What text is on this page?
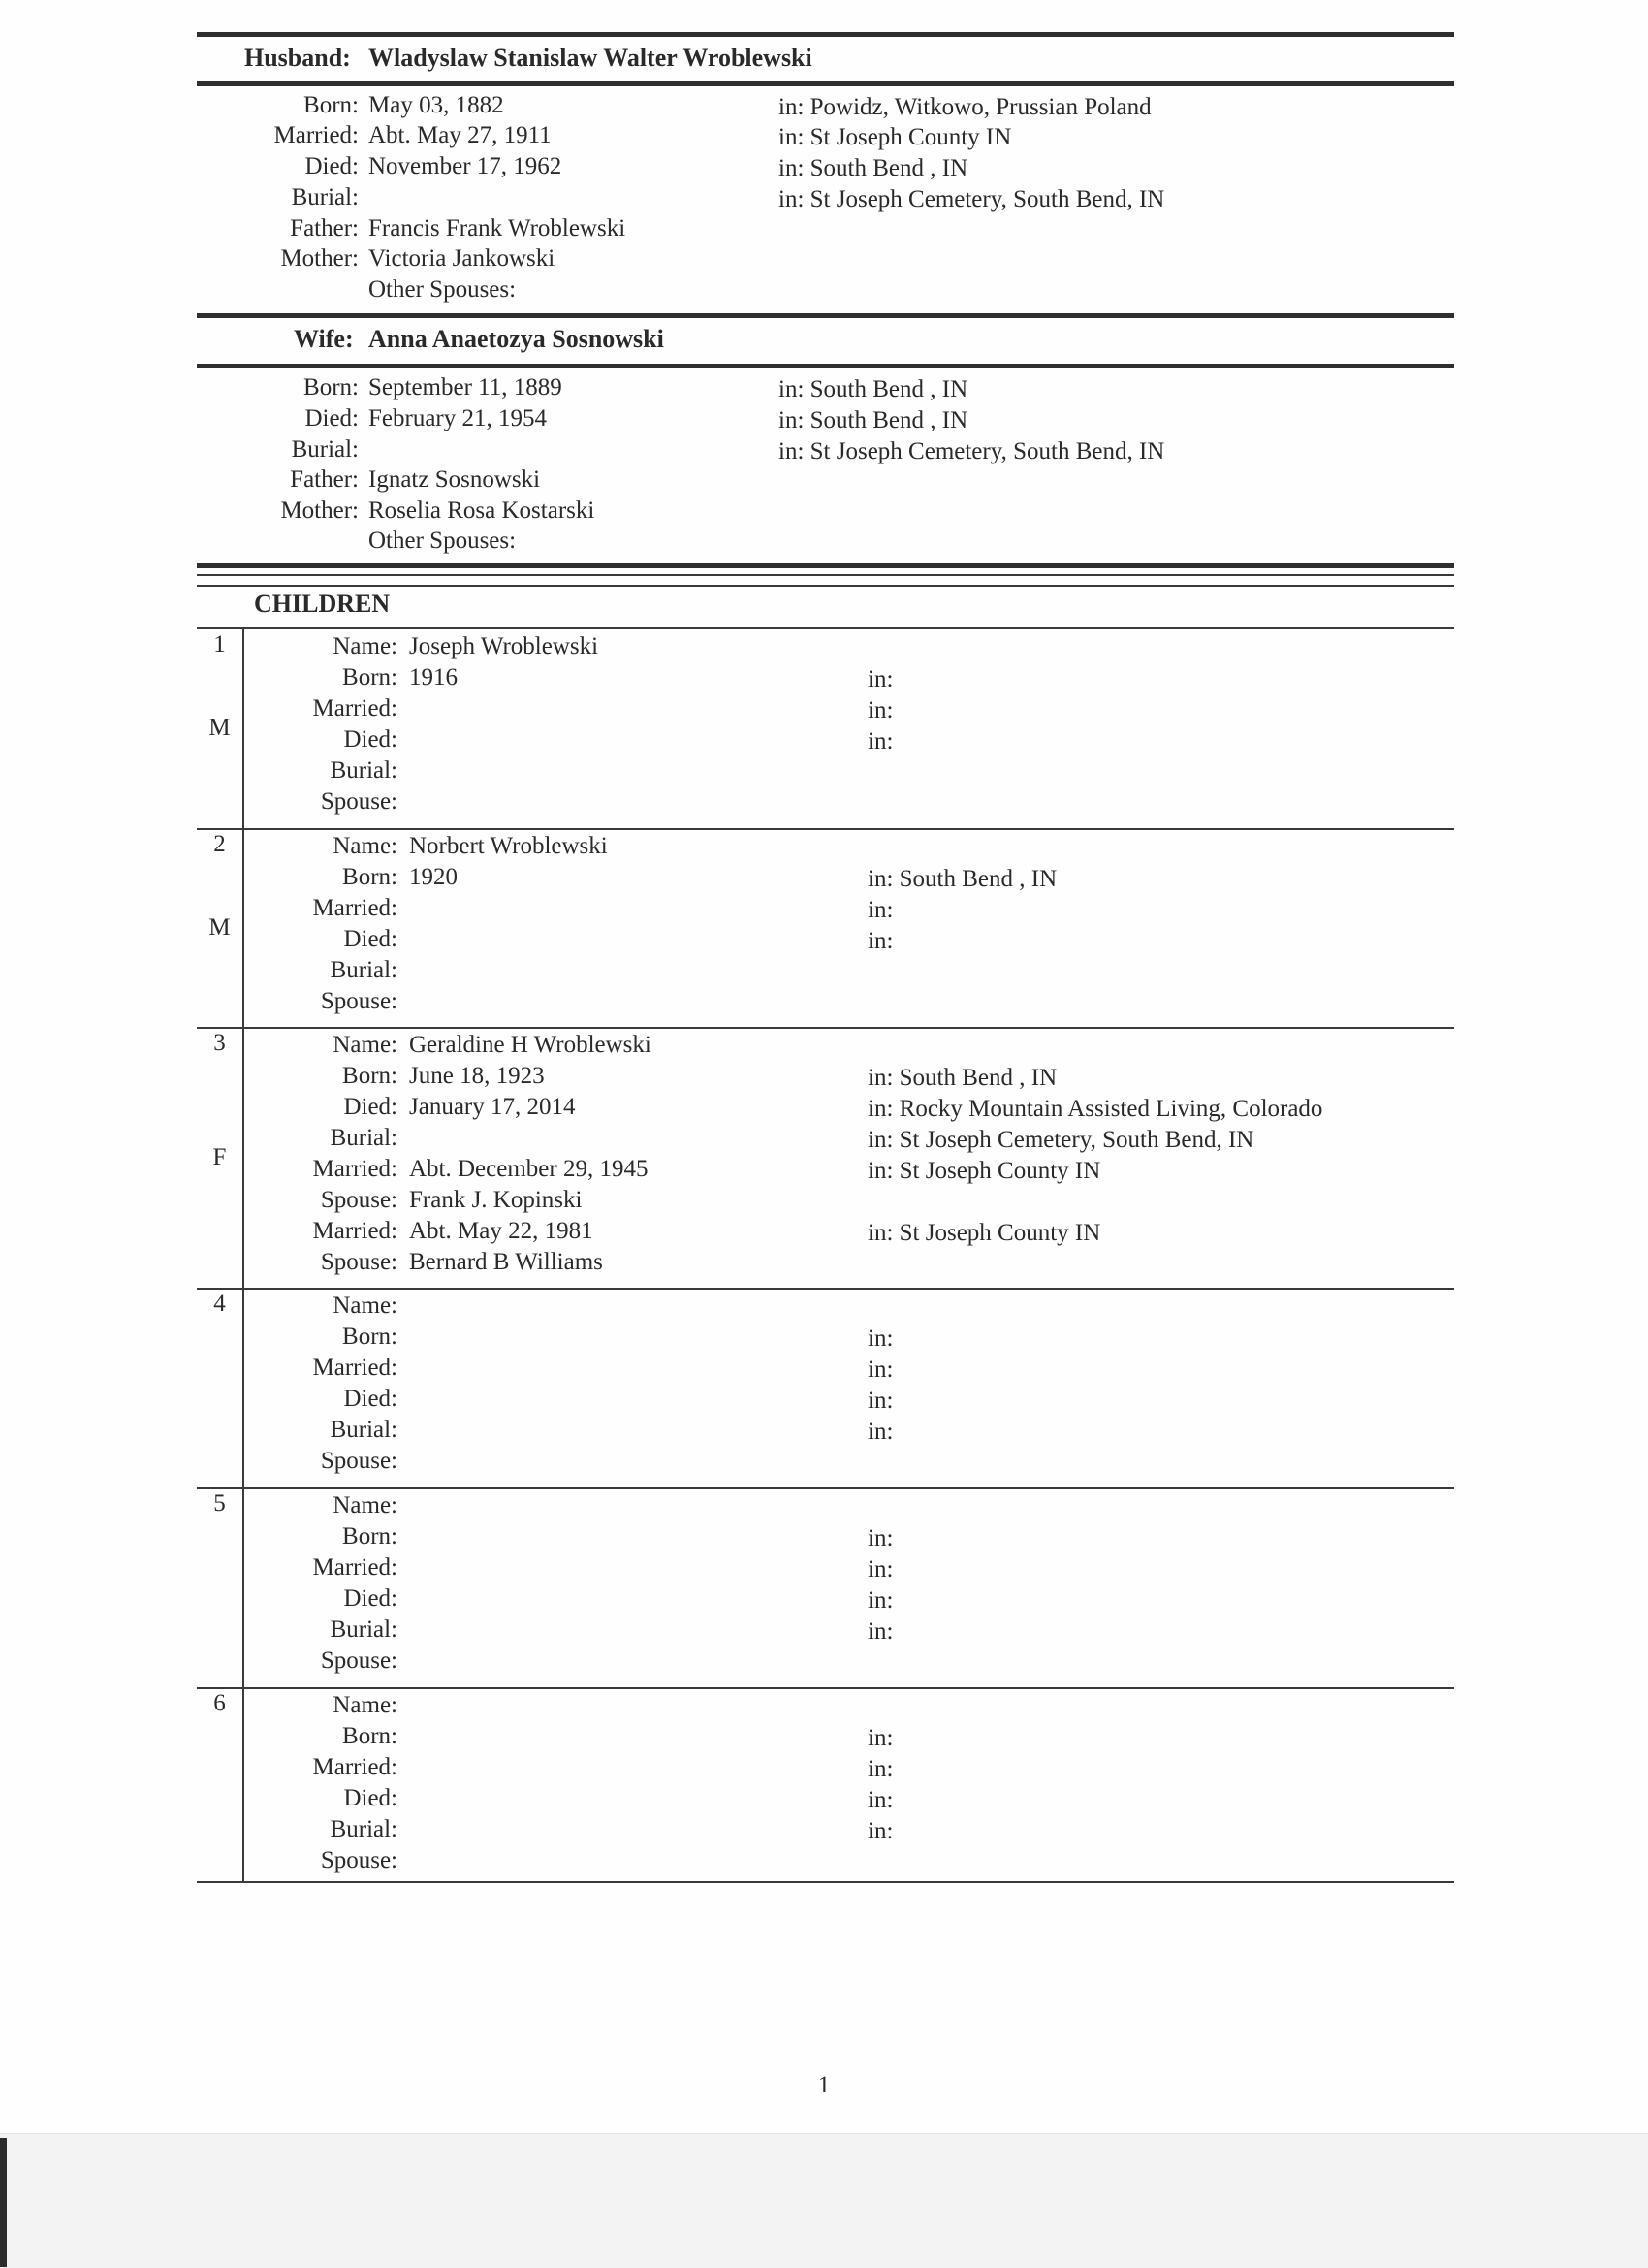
Husband: Wladyslaw Stanislaw Walter Wroblewski
Born: May 03, 1882	in: Powidz, Witkowo, Prussian Poland
Married: Abt. May 27, 1911	in: St Joseph County IN
Died: November 17, 1962	in: South Bend , IN
Burial:	in: St Joseph Cemetery, South Bend, IN
Father: Francis Frank Wroblewski
Mother: Victoria Jankowski
Other Spouses:
Wife: Anna Anaetozya Sosnowski
Born: September 11, 1889	in: South Bend , IN
Died: February 21, 1954	in: South Bend , IN
Burial:	in: St Joseph Cemetery, South Bend, IN
Father: Ignatz Sosnowski
Mother: Roselia Rosa Kostarski
Other Spouses:
CHILDREN
1
M
Name: Joseph Wroblewski
Born: 1916	in:
Married:	in:
Died:	in:
Burial:
Spouse:
2
M
Name: Norbert Wroblewski
Born: 1920	in: South Bend , IN
Married:	in:
Died:	in:
Burial:
Spouse:
3
F
Name: Geraldine H Wroblewski
Born: June 18, 1923	in: South Bend , IN
Died: January 17, 2014	in: Rocky Mountain Assisted Living, Colorado
Burial:	in: St Joseph Cemetery, South Bend, IN
Married: Abt. December 29, 1945	in: St Joseph County IN
Spouse: Frank J. Kopinski
Married: Abt. May 22, 1981	in: St Joseph County IN
Spouse: Bernard B Williams
4	Name:
Born:	in:
Married:	in:
Died:	in:
Burial:	in:
Spouse:
5	Name:
Born:	in:
Married:	in:
Died:	in:
Burial:	in:
Spouse:
6	Name:
Born:	in:
Married:	in:
Died:	in:
Burial:	in:
Spouse:
1
